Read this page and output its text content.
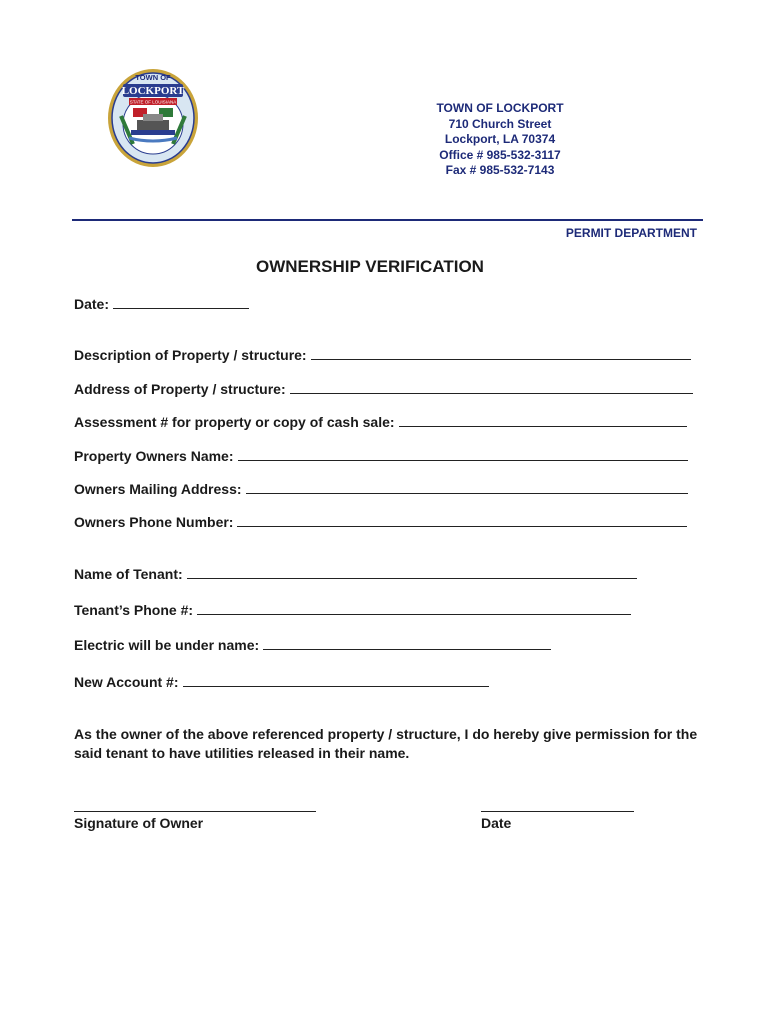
TOWN OF
LOCKPORT
STATE OF LOUISIANA	TOWN OF LOCKPORT
710 Church Street
Lockport, LA 70374
Office # 985-532-3117
Fax # 985-532-7143
PERMIT DEPARTMENT
OWNERSHIP VERIFICATION
Date:
Description of Property / structure:
Address of Property / structure:
Assessment # for property or copy of cash sale:
Property Owners Name:
Owners Mailing Address:
Owners Phone Number:
Name of Tenant:
Tenant’s Phone #:
Electric will be under name:
New Account #:
As the owner of the above referenced property / structure, I do hereby give permission for the said tenant to have utilities released in their name.
Signature of Owner	Date
